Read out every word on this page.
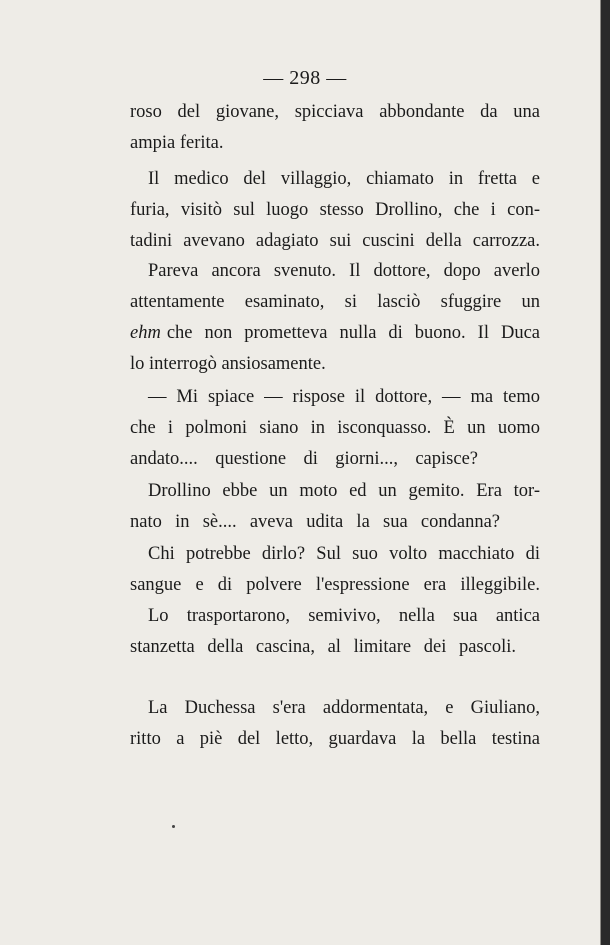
— 298 —
roso del giovane, spicciava abbondante da una
ampia ferita.
Il medico del villaggio, chiamato in fretta e
furia, visitò sul luogo stesso Drollino, che i con-
tadini avevano adagiato sui cuscini della carrozza.
Pareva ancora svenuto. Il dottore, dopo averlo
attentamente esaminato, si lasciò sfuggire un
ehm che non prometteva nulla di buono. Il Duca
lo interrogò ansiosamente.
— Mi spiace — rispose il dottore, — ma temo
che i polmoni siano in isconquasso. È un uomo
andato.... questione di giorni..., capisce?
Drollino ebbe un moto ed un gemito. Era tor-
nato in sè.... aveva udita la sua condanna?
Chi potrebbe dirlo? Sul suo volto macchiato di
sangue e di polvere l'espressione era illeggibile.
Lo trasportarono, semivivo, nella sua antica
stanzetta della cascina, al limitare dei pascoli.
La Duchessa s'era addormentata, e Giuliano,
ritto a piè del letto, guardava la bella testina
